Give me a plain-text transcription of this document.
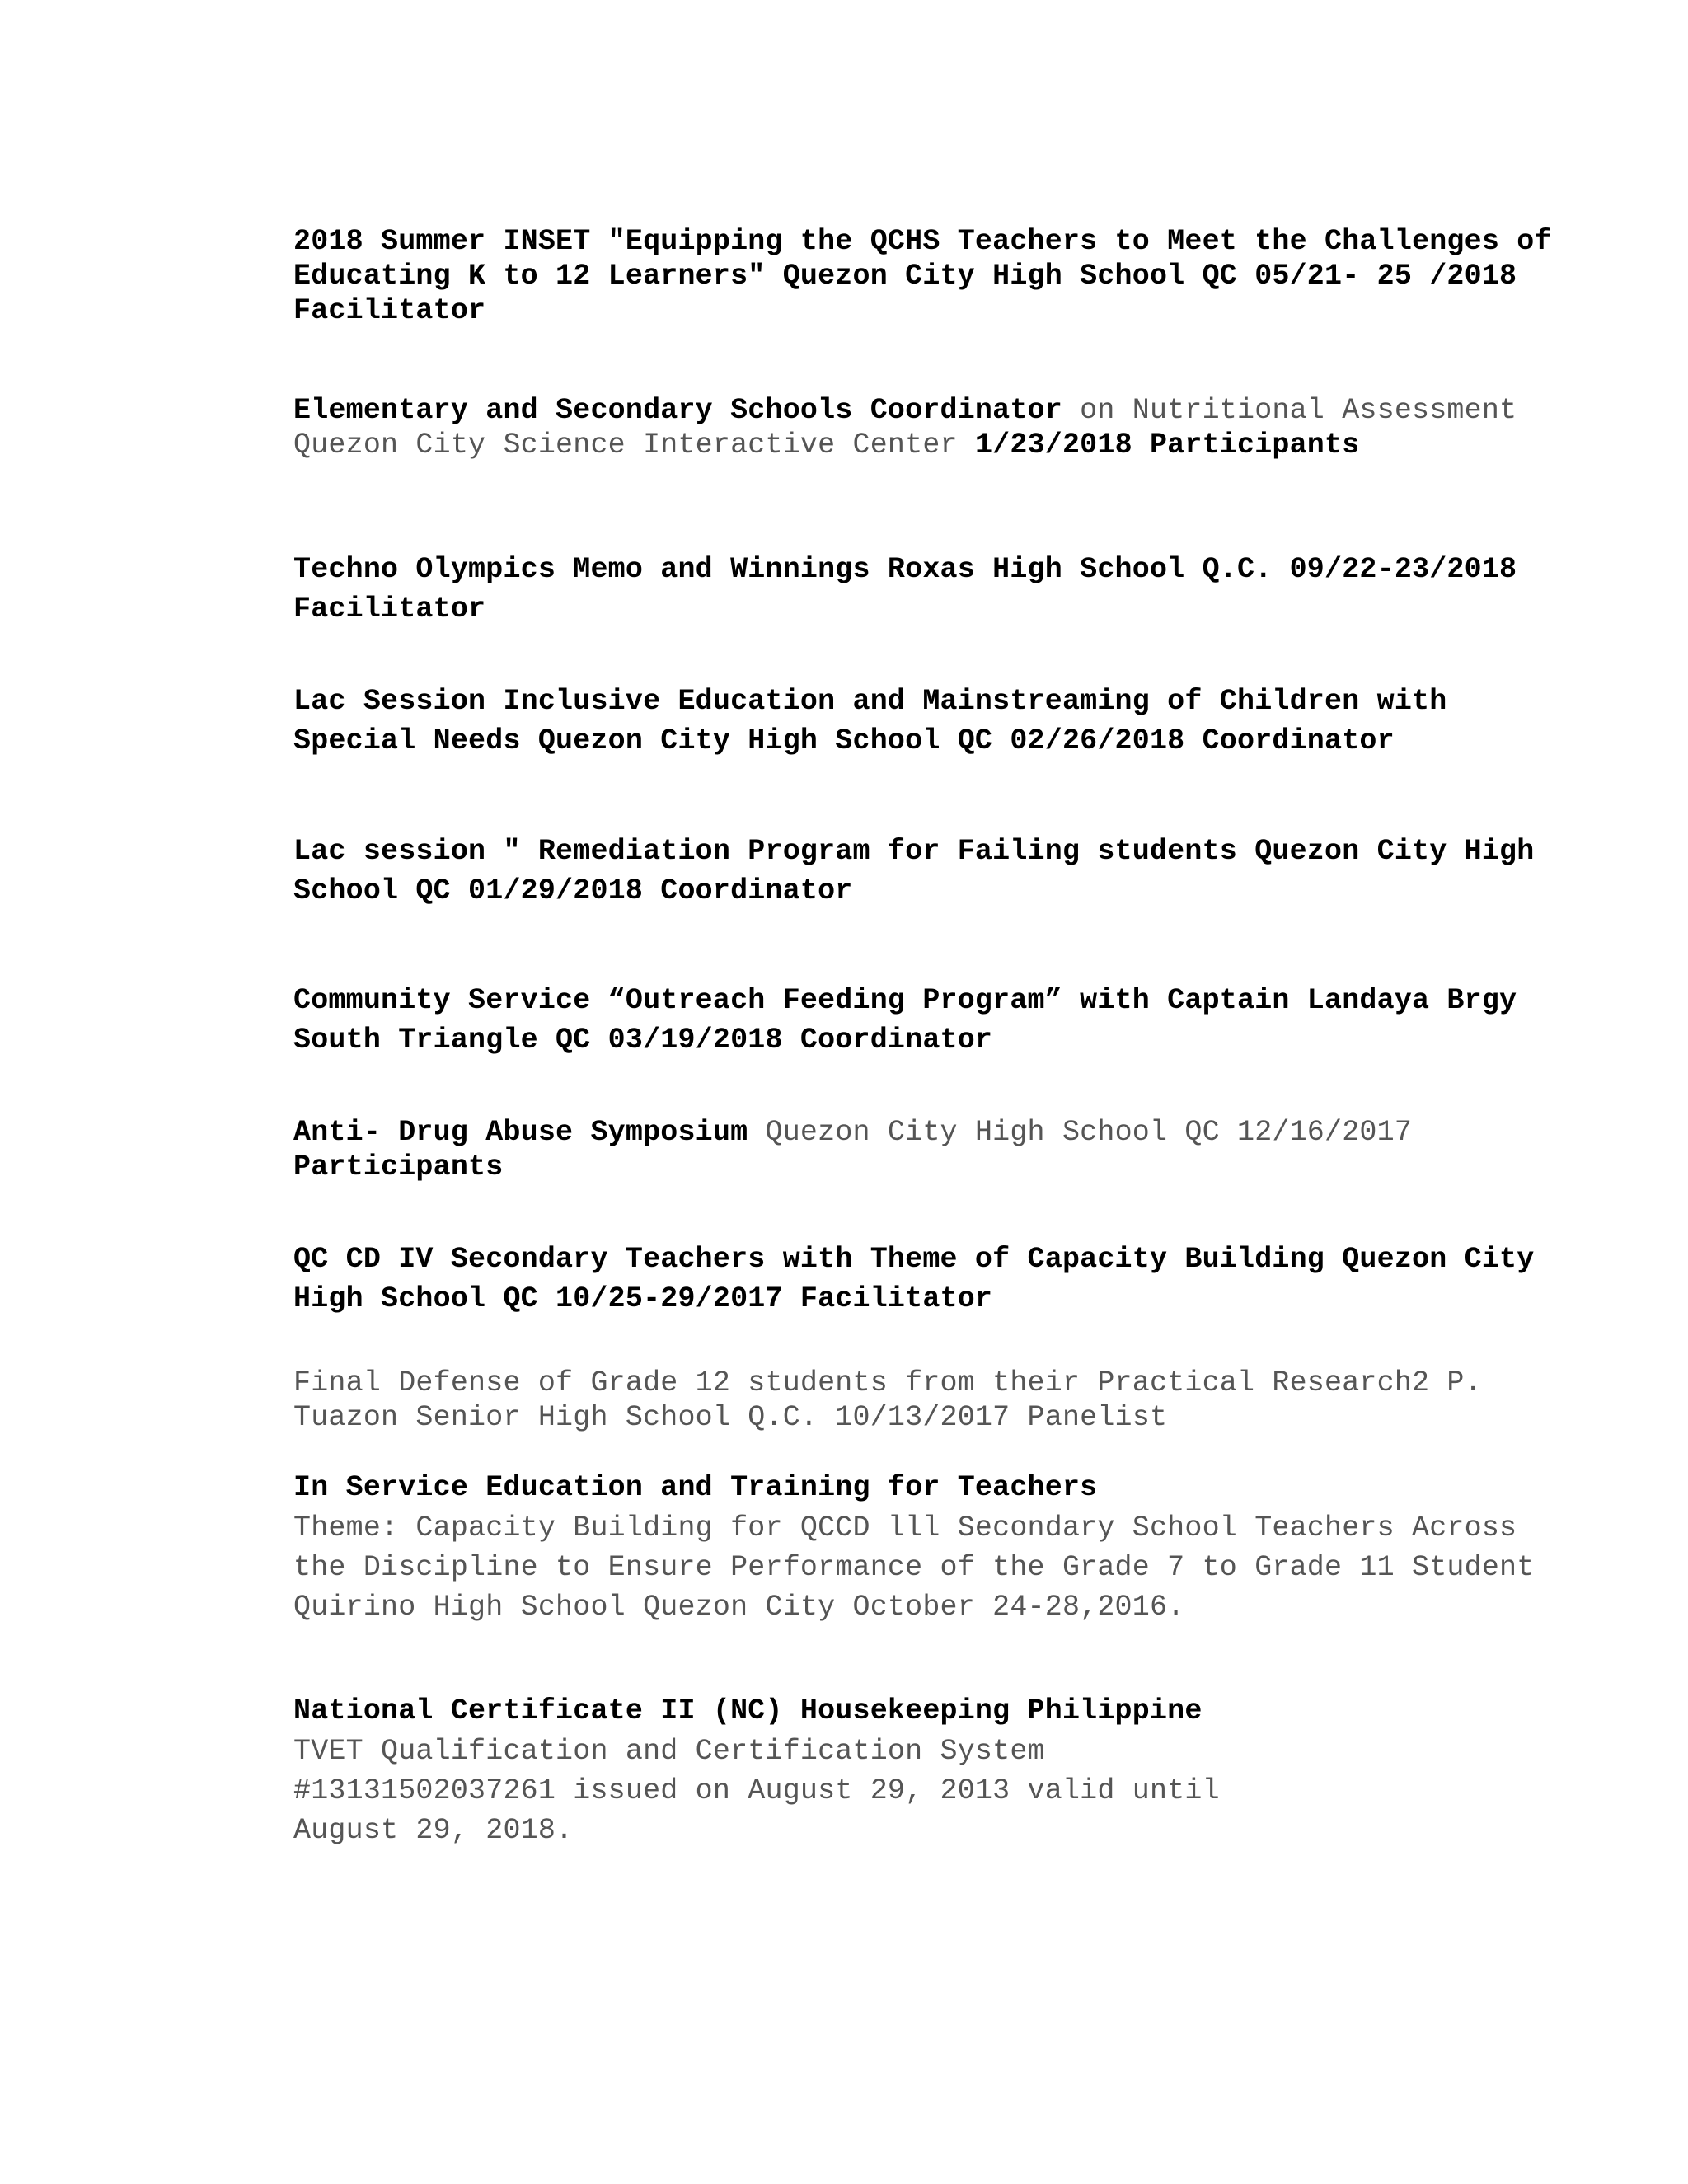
2018 Summer INSET "Equipping the QCHS Teachers to Meet the Challenges of Educating K to 12 Learners" Quezon City High School QC 05/21- 25 /2018 Facilitator

Elementary and Secondary Schools Coordinator on Nutritional Assessment Quezon City Science Interactive Center 1/23/2018 Participants

Techno Olympics Memo and Winnings Roxas High School Q.C. 09/22-23/2018 Facilitator

Lac Session Inclusive Education and Mainstreaming of Children with Special Needs Quezon City High School QC 02/26/2018 Coordinator

Lac session " Remediation Program for Failing students Quezon City High School QC 01/29/2018 Coordinator

Community Service “Outreach Feeding Program” with Captain Landaya Brgy South Triangle QC 03/19/2018 Coordinator

Anti- Drug Abuse Symposium Quezon City High School QC 12/16/2017 Participants

QC CD IV Secondary Teachers with Theme of Capacity Building Quezon City High School QC 10/25-29/2017 Facilitator

Final Defense of Grade 12 students from their Practical Research2 P. Tuazon Senior High School Q.C. 10/13/2017 Panelist

In Service Education and Training for Teachers
Theme: Capacity Building for QCCD lll Secondary School Teachers Across the Discipline to Ensure Performance of the Grade 7 to Grade 11 Student Quirino High School Quezon City October 24-28,2016.
National Certificate II (NC) Housekeeping Philippine
TVET Qualification and Certification System #13131502037261 issued on August 29, 2013 valid until August 29, 2018.
